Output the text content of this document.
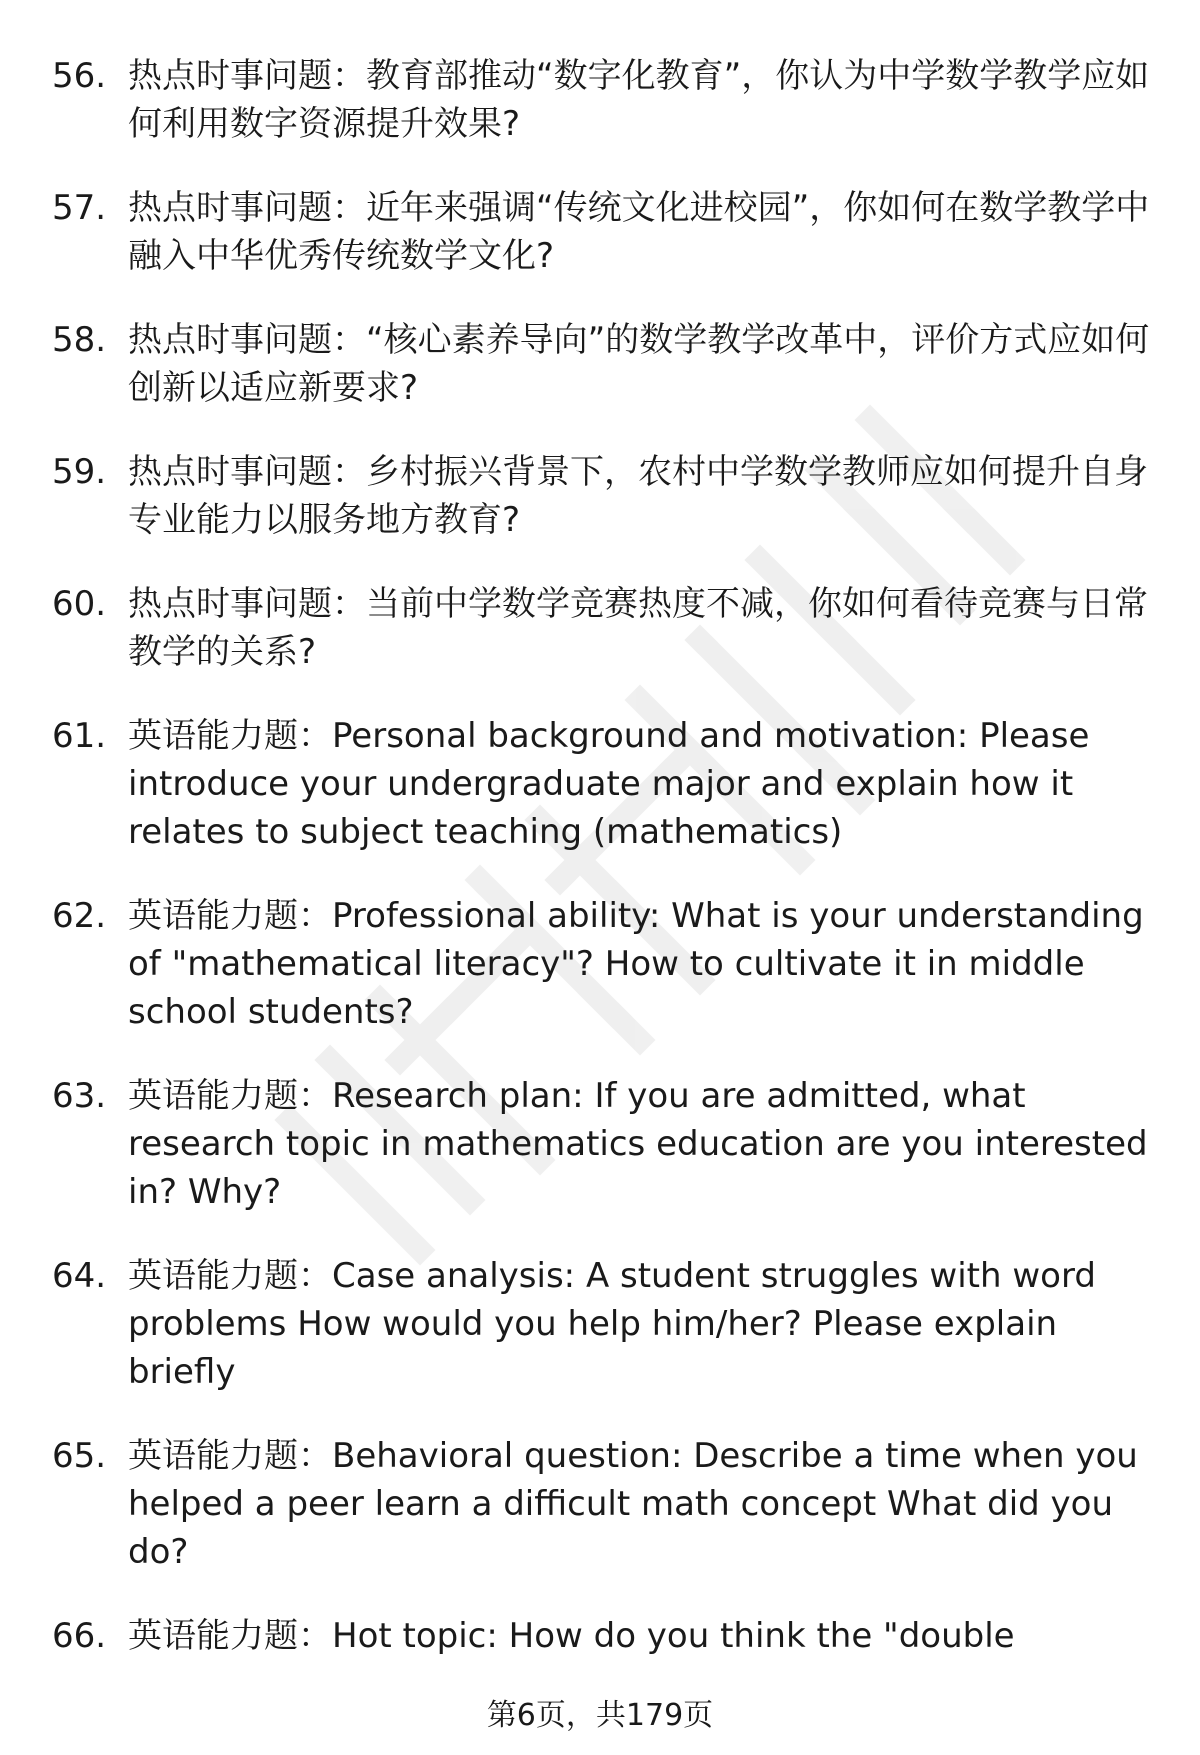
56. 热点时事问题：教育部推动“数字化教育”，你认为中学数学教学应如何利用数字资源提升效果?
57. 热点时事问题：近年来强调“传统文化进校园”，你如何在数学教学中融入中华优秀传统数学文化?
58. 热点时事问题：“核心素养导向”的数学教学改革中，评价方式应如何创新以适应新要求?
59. 热点时事问题：乡村振兴背景下，农村中学数学教师应如何提升自身专业能力以服务地方教育?
60. 热点时事问题：当前中学数学竞赛热度不减，你如何看待竞赛与日常教学的关系?
61. 英语能力题：Personal background and motivation: Please introduce your undergraduate major and explain how it relates to subject teaching (mathematics)
62. 英语能力题：Professional ability: What is your understanding of "mathematical literacy"? How to cultivate it in middle school students?
63. 英语能力题：Research plan: If you are admitted, what research topic in mathematics education are you interested in? Why?
64. 英语能力题：Case analysis: A student struggles with word problems How would you help him/her? Please explain briefly
65. 英语能力题：Behavioral question: Describe a time when you helped a peer learn a difficult math concept What did you do?
66. 英语能力题：Hot topic: How do you think the "double
第6页，共179页
